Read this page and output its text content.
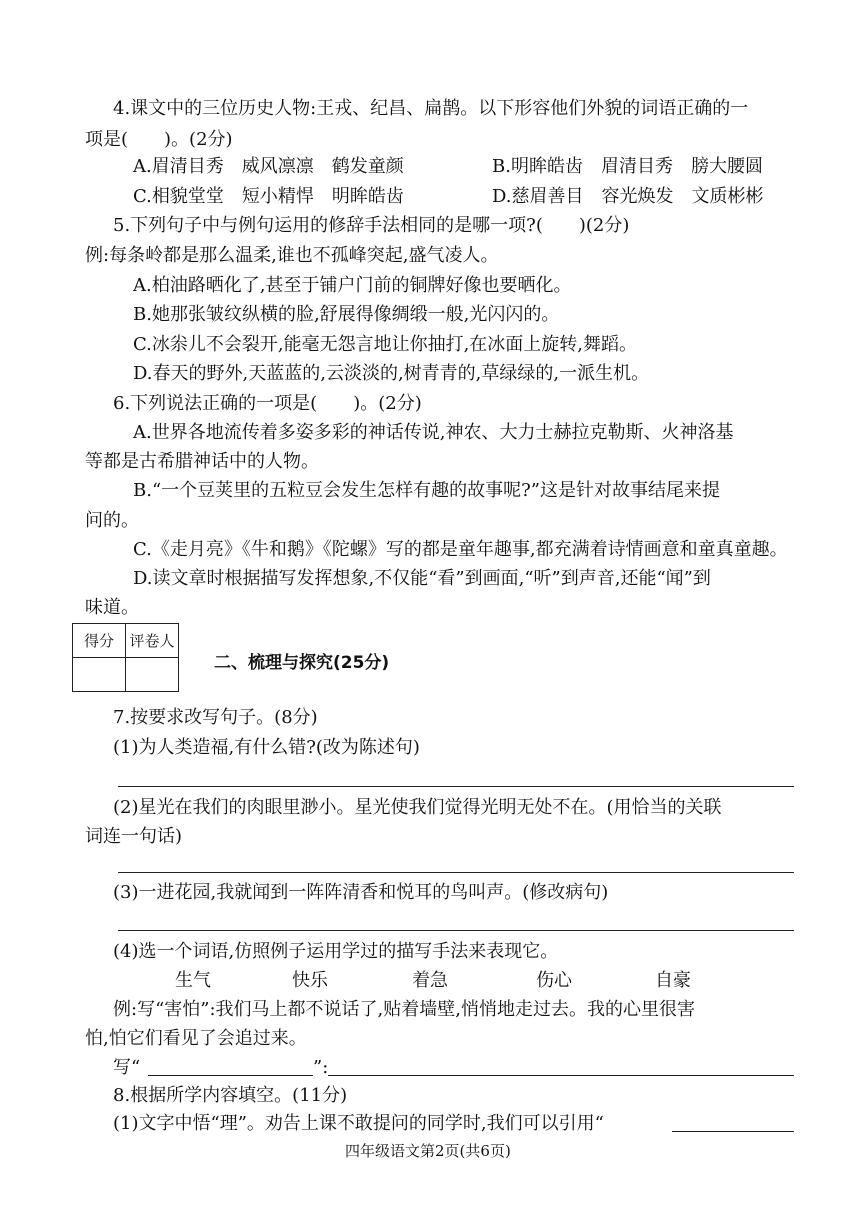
4.课文中的三位历史人物:王戎、纪昌、扁鹊。以下形容他们外貌的词语正确的一
项是(　　)。(2分)
A.眉清目秀　威风凛凛　鹤发童颜	B.明眸皓齿　眉清目秀　膀大腰圆
C.相貌堂堂　短小精悍　明眸皓齿	D.慈眉善目　容光焕发　文质彬彬
5.下列句子中与例句运用的修辞手法相同的是哪一项?(　　)(2分)
例:每条岭都是那么温柔,谁也不孤峰突起,盛气凌人。
A.柏油路晒化了,甚至于铺户门前的铜牌好像也要晒化。
B.她那张皱纹纵横的脸,舒展得像绸缎一般,光闪闪的。
C.冰尜儿不会裂开,能毫无怨言地让你抽打,在冰面上旋转,舞蹈。
D.春天的野外,天蓝蓝的,云淡淡的,树青青的,草绿绿的,一派生机。
6.下列说法正确的一项是(　　)。(2分)
A.世界各地流传着多姿多彩的神话传说,神农、大力士赫拉克勒斯、火神洛基
等都是古希腊神话中的人物。
B.“一个豆荚里的五粒豆会发生怎样有趣的故事呢?”这是针对故事结尾来提
问的。
C.《走月亮》《牛和鹅》《陀螺》写的都是童年趣事,都充满着诗情画意和童真童趣。
D.读文章时根据描写发挥想象,不仅能“看”到画面,“听”到声音,还能“闻”到
味道。
得分	评卷人

二、梳理与探究(25分)
7.按要求改写句子。(8分)
(1)为人类造福,有什么错?(改为陈述句)
(2)星光在我们的肉眼里渺小。星光使我们觉得光明无处不在。(用恰当的关联
词连一句话)
(3)一进花园,我就闻到一阵阵清香和悦耳的鸟叫声。(修改病句)
(4)选一个词语,仿照例子运用学过的描写手法来表现它。
生气	快乐	着急	伤心	自豪
例:写“害怕”:我们马上都不说话了,贴着墙壁,悄悄地走过去。我的心里很害
怕,怕它们看见了会追过来。
写“	”:
8.根据所学内容填空。(11分)
(1)文字中悟“理”。劝告上课不敢提问的同学时,我们可以引用“
四年级语文第2页(共6页)
